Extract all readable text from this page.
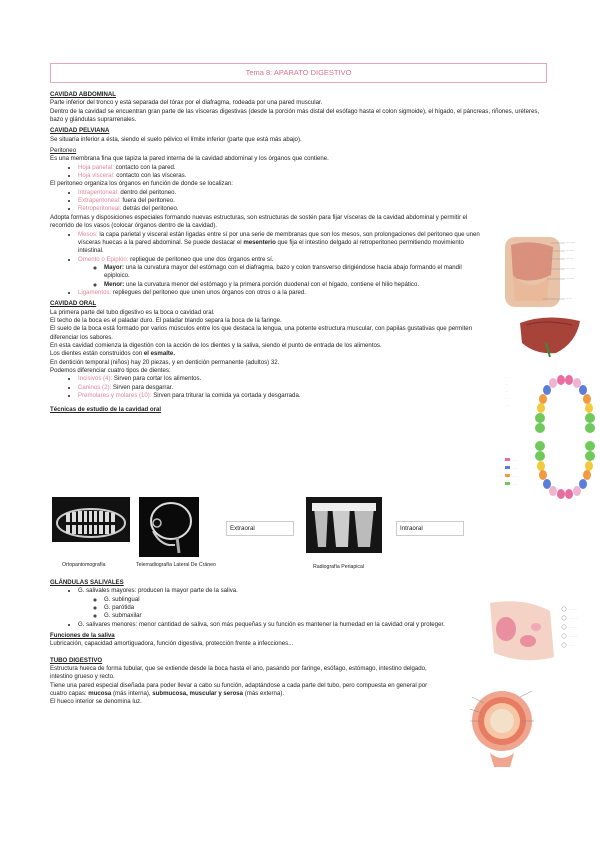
Tema 8: APARATO DIGESTIVO
CAVIDAD ABDOMINAL

Parte inferior del tronco y está separada del tórax por el diafragma, rodeada por una pared muscular.

Dentro de la cavidad se encuentran gran parte de las vísceras digestivas (desde la porción más distal del esófago hasta el colon sigmoide), el hígado, el páncreas, riñones, uréteres, bazo y glándulas suprarrenales.

CAVIDAD PELVIANA

Se situaría inferior a ésta, siendo el suelo pélvico el límite inferior (parte que está más abajo).

Peritoneo

Es una membrana fina que tapiza la pared interna de la cavidad abdominal y los órganos que contiene.

• Hoja parietal: contacto con la pared.
• Hoja visceral: contacto con las vísceras.

El peritoneo organiza los órganos en función de donde se localizan:

• Intraperitoneal: dentro del peritoneo.
• Extraperitoneal: fuera del peritoneo.
• Retroperitoneal: detrás del peritoneo.

Adopta formas y disposiciones especiales formando nuevas estructuras, son estructuras de sostén para fijar vísceras de la cavidad abdominal y permitir el recorrido de los vasos (colocar órganos dentro de la cavidad).

• Mesos: la capa parietal y visceral están ligadas entre sí por una serie de membranas que son los mesos, son prolongaciones del peritoneo que unen vísceras huecas a la pared abdominal. Se puede destacar el mesenterio que fija el intestino delgado al retroperitoneo permitiendo movimiento intestinal.
• Omento o Epiplón: repliegue de peritoneo que une dos órganos entre sí.
◦ Mayor: una la curvatura mayor del estómago con el diafragma, bazo y colon transverso dirigiéndose hacia abajo formando el mandil epiploico.
◦ Menor: une la curvatura menor del estómago y la primera porción duodenal con el hígado, contiene el hilio hepático.
• Ligamentos: repliegues del peritoneo que unen unos órganos con otros o a la pared.
CAVIDAD ORAL

La primera parte del tubo digestivo es la boca o cavidad oral.

El techo de la boca es el paladar duro. El paladar blando separa la boca de la faringe.

El suelo de la boca está formado por varios músculos entre los que destaca la lengua, una potente estructura muscular, con papilas gustativas que permiten diferenciar los sabores.

En esta cavidad comienza la digestión con la acción de los dientes y la saliva, siendo el punto de entrada de los alimentos.

Los dientes están construidos con el esmalte.

En dentición temporal (niños) hay 20 piezas, y en dentición permanente (adultos) 32.

Podemos diferenciar cuatro tipos de dientes:

• Incisivos (4): Sirven para cortar los alimentos.
• Caninos (2): Sirven para desgarrar.
• Premolares y molares (10): Sirven para triturar la comida ya cortada y desgarrada.
Técnicas de estudio de la cavidad oral
Ortopantomografía	Telerradiografía Lateral De Cráneo
Extraoral
Radiografía Periapical
Intraoral
GLÁNDULAS SALIVALES
• G. salivales mayores: producen la mayor parte de la saliva.
◦ G. sublingual
◦ G. parótida
◦ G. submaxilar
• G. salivares menores: menor cantidad de saliva, son más pequeñas y su función es mantener la humedad en la cavidad oral y proteger.
Funciones de la saliva

Lubricación, capacidad amortiguadora, función digestiva, protección frente a infecciones...

TUBO DIGESTIVO

Estructura hueca de forma tubular, que se extiende desde la boca hasta el ano, pasando por faringe, esófago, estómago, intestino delgado, intestino grueso y recto.

Tiene una pared especial diseñada para poder llevar a cabo su función, adaptándose a cada parte del tubo, pero compuesta en general por cuatro capas: mucosa (más interna), submucosa, muscular y serosa (más externa).

El hueco interior se denomina luz.

········
·······
······
········
·······
·····
····
····
····
····
····
······
······
·······
······
········
·········
········
·········
·······
